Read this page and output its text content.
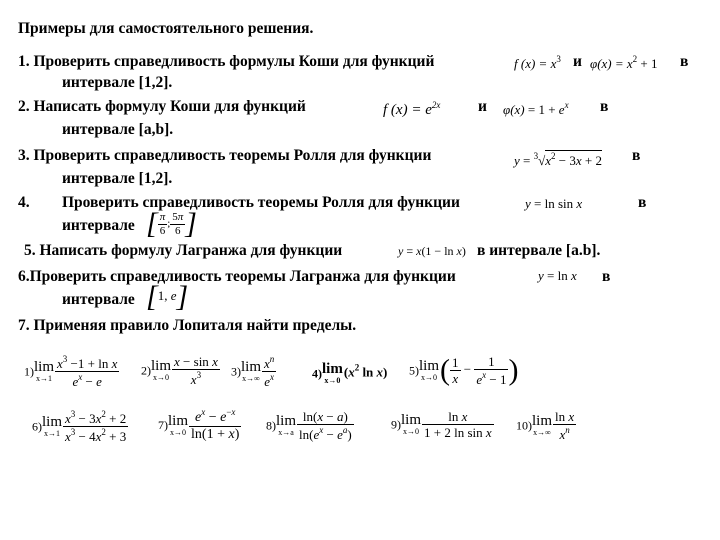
Примеры для самостоятельного решения.
1. Проверить справедливость формулы Коши для функций	f $(x) = x^3$ и $\varphi(x) = x^2 + 1$ в
интервале [1,2].
2. Написать формулу Коши для функций	f $(x) = e^{2x}$ и $\varphi(x) = 1 + e^x$ в
интервале [a,b].
3. Проверить справедливость теоремы Ролля для функции	$y = ^3√x^2 - 3x + 2$ в
интервале [1,2].
4. Проверить справедливость теоремы Ролля для функции	y = ln sin x	в
интервале [ $\frac{\pi}{6}$ ; $\frac{5\pi}{6}$ ]
5. Написать формулу Лагранжа для функции	y = x(1 − ln x) в интервале [a.b].
6.Проверить справедливость теоремы Лагранжа для функции	y = ln x в
интервале [1, e]
7. Применяя правило Лопиталя найти пределы.
1) lim
$x\to 1 \frac{x^3 -1 + \ln x}{e^x - e} 2$) lim
$x\to 0 \frac{\text{x − sin x}}{x^3} 3$) lim
$x\to\infty \frac{x^n}{e^x}$	4) lim
x→0
($x^2$ ln x) 5) lim
x→0 ( $\frac{1}{x} - \frac{1}{e^x - 1}$ )
6) lim
$x\to 1 \frac{x^3 - 3x^2 + 2}{x^3 - 4x^2 + 3} 7$) lim
$x\to 0 \frac{e^x - e^{-x}}{\ln(1 + x)} 8$) lim
$x\to a \frac{\ln(x - a)}{\ln(e^x - e^a)}$	9) lim
$x\to 0 \frac{\text{ln x}}{\text{1 + 2 ln sin x}} 10$) lim
$x\to\infty \frac{\text{ln x}}{x^n}$
